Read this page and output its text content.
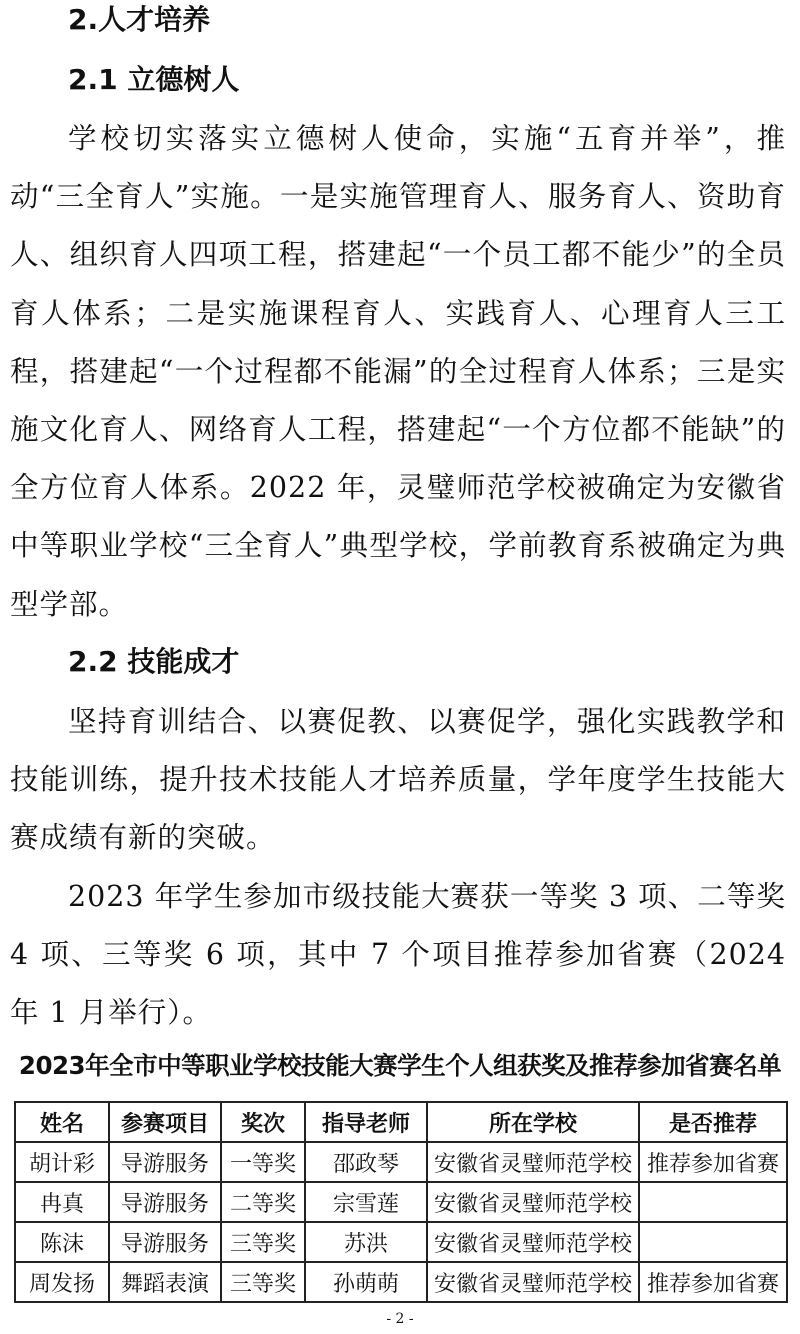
2.人才培养
2.1 立德树人

学校切实落实立德树人使命，实施“五育并举”，推动“三全育人”实施。一是实施管理育人、服务育人、资助育人、组织育人四项工程，搭建起“一个员工都不能少”的全员育人体系；二是实施课程育人、实践育人、心理育人三工程，搭建起“一个过程都不能漏”的全过程育人体系；三是实施文化育人、网络育人工程，搭建起“一个方位都不能缺”的全方位育人体系。2022 年，灵璧师范学校被确定为安徽省中等职业学校“三全育人”典型学校，学前教育系被确定为典型学部。

2.2 技能成才

坚持育训结合、以赛促教、以赛促学，强化实践教学和技能训练，提升技术技能人才培养质量，学年度学生技能大赛成绩有新的突破。

2023 年学生参加市级技能大赛获一等奖 3 项、二等奖 4 项、三等奖 6 项，其中 7 个项目推荐参加省赛（2024 年 1 月举行）。

2023年全市中等职业学校技能大赛学生个人组获奖及推荐参加省赛名单
姓名	参赛项目	奖次	指导老师	所在学校	是否推荐
胡计彩	导游服务	一等奖	邵政琴	安徽省灵璧师范学校	推荐参加省赛
冉真	导游服务	二等奖	宗雪莲	安徽省灵璧师范学校	
陈沫	导游服务	三等奖	苏洪	安徽省灵璧师范学校	
周发扬	舞蹈表演	三等奖	孙萌萌	安徽省灵璧师范学校	推荐参加省赛
- 2 -
